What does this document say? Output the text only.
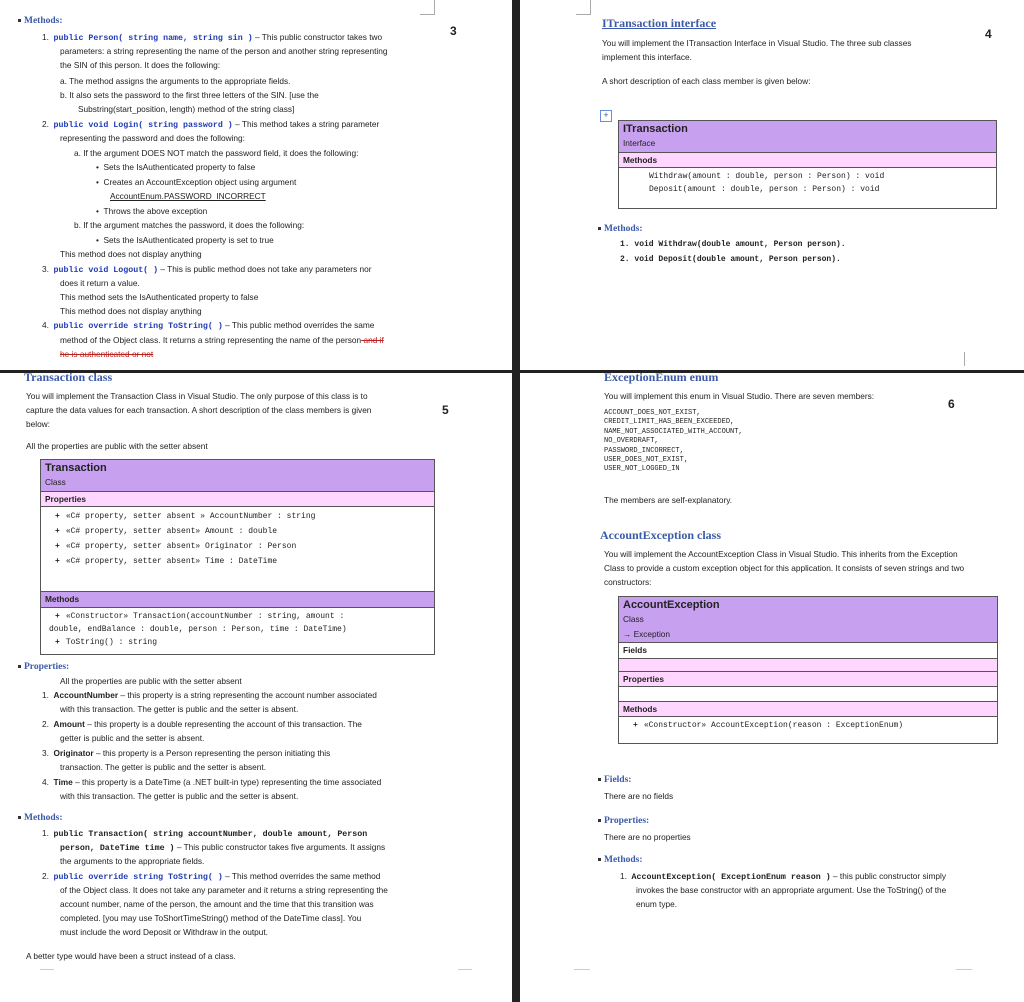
3
Methods:
1. public Person( string name, string sin ) – This public constructor takes two
parameters: a string representing the name of the person and another string representing
the SIN of this person. It does the following:
a. The method assigns the arguments to the appropriate fields.
b. It also sets the password to the first three letters of the SIN. [use the
Substring(start_position, length) method of the string class]
2. public void Login( string password ) – This method takes a string parameter
representing the password and does the following:
a. If the argument DOES NOT match the password field, it does the following:
•  Sets the IsAuthenticated property to false
•  Creates an AccountException object using argument
AccountEnum.PASSWORD_INCORRECT
•  Throws the above exception
b. If the argument matches the password, it does the following:
•  Sets the IsAuthenticated property is set to true
This method does not display anything
3. public void Logout( ) – This is public method does not take any parameters nor
does it return a value.
This method sets the IsAuthenticated property to false
This method does not display anything
4. public override string ToString( ) – This public method overrides the same
method of the Object class. It returns a string representing the name of the person and if
he is authenticated or not
4
ITransaction interface
You will implement the ITransaction Interface in Visual Studio. The three sub classes
implement this interface.
A short description of each class member is given below:
+
ITransaction
Interface
Methods
Withdraw(amount : double, person : Person) : void
Deposit(amount : double, person : Person) : void
Methods:
1. void Withdraw(double amount, Person person).
2. void Deposit(double amount, Person person).
Transaction class
5
You will implement the Transaction Class in Visual Studio. The only purpose of this class is to
capture the data values for each transaction. A short description of the class members is given
below:
All the properties are public with the setter absent
Transaction
Class
Properties
+ «C# property, setter absent » AccountNumber : string
+ «C# property, setter absent» Amount : double
+ «C# property, setter absent» Originator : Person
+ «C# property, setter absent» Time : DateTime
Methods
+ «Constructor» Transaction(accountNumber : string, amount :
double, endBalance : double, person : Person, time : DateTime)
+ ToString() : string
Properties:
All the properties are public with the setter absent
1. AccountNumber – this property is a string representing the account number associated
with this transaction. The getter is public and the setter is absent.
2. Amount – this property is a double representing the account of this transaction. The
getter is public and the setter is absent.
3. Originator – this property is a Person representing the person initiating this
transaction. The getter is public and the setter is absent.
4. Time – this property is a DateTime (a .NET built-in type) representing the time associated
with this transaction. The getter is public and the setter is absent.
Methods:
1.  public Transaction( string accountNumber, double amount, Person
person, DateTime time ) – This public constructor takes five arguments. It assigns
the arguments to the appropriate fields.
2.  public override string ToString( ) – This method overrides the same method
of the Object class. It does not take any parameter and it returns a string representing the
account number, name of the person, the amount and the time that this transition was
completed. [you may use ToShortTimeString() method of the DateTime class]. You
must include the word Deposit or Withdraw in the output.
A better type would have been a struct instead of a class.
ExceptionEnum enum
6
You will implement this enum in Visual Studio. There are seven members:
ACCOUNT_DOES_NOT_EXIST,
CREDIT_LIMIT_HAS_BEEN_EXCEEDED,
NAME_NOT_ASSOCIATED_WITH_ACCOUNT,
NO_OVERDRAFT,
PASSWORD_INCORRECT,
USER_DOES_NOT_EXIST,
USER_NOT_LOGGED_IN
The members are self-explanatory.
AccountException class
You will implement the AccountException Class in Visual Studio. This inherits from the Exception
Class to provide a custom exception object for this application. It consists of seven strings and two
constructors:
AccountException
Class
→ Exception
Fields
Properties
Methods
+ «Constructor» AccountException(reason : ExceptionEnum)
Fields:
There are no fields
Properties:
There are no properties
Methods:
1.  AccountException( ExceptionEnum reason ) – this public constructor simply
invokes the base constructor with an appropriate argument. Use the ToString() of the
enum type.
